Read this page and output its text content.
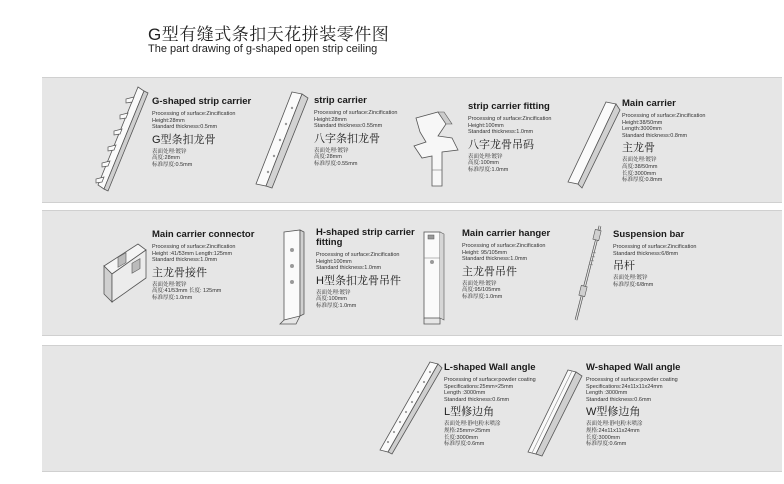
G型有缝式条扣天花拼装零件图
The part drawing of g-shaped open strip ceiling
G-shaped strip carrier
Processing of surface:Zincification
Height:28mm
Standard thickness:0.5mm
G型条扣龙骨
表面处理:镀锌
高度:28mm
标准厚度:0.5mm
strip carrier
Processing of surface:Zincification
Height:28mm
Standard thickness:0.55mm
八字条扣龙骨
表面处理:镀锌
高度:28mm
标准厚度:0.55mm
strip carrier fitting
Processing of surface:Zincification
Height:100mm
Standard thickness:1.0mm
八字龙骨吊码
表面处理:镀锌
高度:100mm
标准厚度:1.0mm
Main carrier
Processing of surface:Zincification
Height:38/50mm
Length:3000mm
Standard thickness:0.8mm
主龙骨
表面处理:镀锌
高度:38/50mm
长度:3000mm
标准厚度:0.8mm
Main carrier connector
Processing of surface:Zincification
Height :41/53mm Length:125mm
Standard thickness:1.0mm
主龙骨接件
表面处理:镀锌
高度:41/53mm 长度: 125mm
标准厚度:1.0mm
H-shaped strip carrier fitting
Processing of surface:Zincification
Height:100mm
Standard thickness:1.0mm
H型条扣龙骨吊件
表面处理:镀锌
高度:100mm
标准厚度:1.0mm
Main carrier hanger
Processing of surface:Zincification
Height: 95/105mm
Standard thickness:1.0mm
主龙骨吊件
表面处理:镀锌
高度:95/105mm
标准厚度:1.0mm
Suspension bar
Processing of surface:Zincification
Standard thickness:6/8mm
吊杆
表面处理:镀锌
标准厚度:6/8mm
L-shaped Wall angle
Processing of surface:powder coating
Specifications:25mm×25mm
Length :3000mm
Standard thickness:0.6mm
L型修边角
表面处理:静电粉末喷涂
规格:25mm×25mm
长度:3000mm
标准厚度:0.6mm
W-shaped Wall angle
Processing of surface:powder coating
Specifications:24x11x11x24mm
Length :3000mm
Standard thickness:0.6mm
W型修边角
表面处理:静电粉末喷涂
规格:24x11x11x24mm
长度:3000mm
标准厚度:0.6mm
